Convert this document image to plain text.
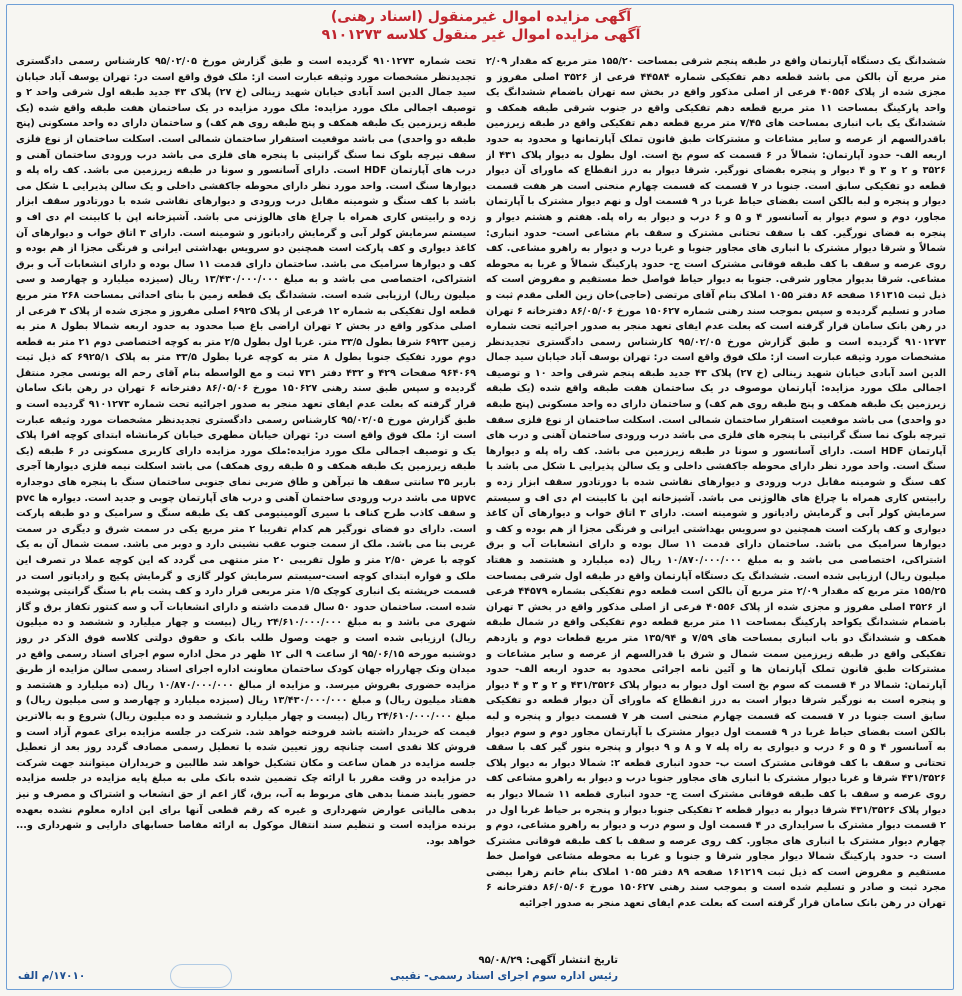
آگهی مزایده اموال غیرمنقول (اسناد رهنی)
آگهی مزایده اموال غیر منقول کلاسه ۹۱۰۱۲۷۳

ششدانگ یک دستگاه آپارتمان واقع در طبقه پنجم شرقی بمساحت ۱۵۵/۲۰ متر مربع که مقدار ۲/۰۹ متر مربع آن بالکن می باشد قطعه دهم تفکیکی شماره ۴۴۵۸۴ فرعی از ۳۵۲۶ اصلی مفروز و مجزی شده از پلاک ۴۰۵۵۶ فرعی از اصلی مذکور واقع در بخش سه تهران باضمام ششدانگ یک واحد پارکینگ بمساحت ۱۱ متر مربع قطعه دهم تفکیکی واقع در جنوب شرقی طبقه همکف و ششدانگ یک باب انباری بمساحت های ۷/۴۵ متر مربع قطعه دهم تفکیکی واقع در طبقه زیرزمین باقدرالسهم از عرصه و سایر مشاعات و مشترکات طبق قانون تملک آپارتمانها و محدود به حدود اربعه الف- حدود آپارتمان: شمالاً در ۶ قسمت که سوم بخ است. اول بطول به دیوار پلاک ۴۳۱ از ۳۵۲۶ و ۲ و ۳ و ۴ دیوار و پنجره بفضای نورگیر. شرقا دیوار به درز انقطاع که ماورای آن دیوار قطعه دو تفکیکی سابق است. جنوبا در ۷ قسمت که قسمت چهارم منحنی است هر هفت قسمت دیوار و پنجره و لبه بالکن است بفضای حیاط غربا در ۹ قسمت اول و نهم دیوار مشترک با آپارتمان مجاور، دوم و سوم دیوار به آسانسور ۴ و ۵ و ۶ درب و دیوار به راه پله. هفتم و هشتم دیوار و پنجره به فضای نورگیر. کف با سقف تحتانی مشترک و سقف بام مشاعی است- حدود انباری: شمالاً و شرقا دیوار مشترک با انباری های مجاور جنوبا و غربا درب و دیوار به راهرو مشاعی. کف روی عرصه و سقف با کف طبقه فوقانی مشترک است ج- حدود پارکینگ شمالاً و غربا به محوطه مشاعی. شرقا بدیوار مجاور شرقی. جنوبا به دیوار حیاط فواصل خط مستقیم و مفروض است که ذیل ثبت ۱۶۱۳۱۵ صفحه ۸۶ دفتر ۱۰۵۵ املاک بنام آقای مرتضی (حاجی)خان زین العلی مقدم ثبت و صادر و تسلیم گردیده و سپس بموجب سند رهنی شماره ۱۵۰۶۲۷ مورخ ۸۶/۰۵/۰۶ دفترخانه ۶ تهران در رهن بانک سامان قرار گرفته است که بعلت عدم ایفای تعهد منجر به صدور اجرائیه تحت شماره ۹۱۰۱۲۷۳ گردیده است و طبق گزارش مورخ ۹۵/۰۲/۰۵ کارشناس رسمی دادگستری تجدیدنظر مشخصات مورد وثیقه عبارت است از: ملک فوق واقع است در: تهران بوسف آباد خیابان سید جمال الدین اسد آبادی خیابان شهید زینالی (خ ۲۷) پلاک ۴۳ جدید طبقه پنجم شرقی واحد ۱۰ و توصیف اجمالی ملک مورد مزایده: آپارتمان موصوف در یک ساختمان هفت طبقه واقع شده (یک طبقه زیرزمین یک طبقه همکف و پنج طبقه روی هم کف) و ساختمان دارای ده واحد مسکونی (پنج طبقه دو واحدی) می باشد موقعیت استقرار ساختمان شمالی است. اسکلت ساختمان از نوع فلزی سقف تیرچه بلوک نما سنگ گرانیتی با پنجره های فلزی می باشد درب ورودی ساختمان آهنی و درب های آپارتمان HDF است. دارای آسانسور و سونا در طبقه زیرزمین می باشد. کف راه پله و دیوارها سنگ است. واحد مورد نظر دارای محوطه جاکفشی داخلی و یک سالن پذیرایی L شکل می باشد با کف سنگ و شومینه مقابل درب ورودی و دیوارهای نقاشی شده با دورتادور سقف ابزار زده و رابیتس کاری همراه با چراغ های هالوژنی می باشد. آشپزخانه اپن با کابینت ام دی اف و سیستم سرمایش کولر آبی و گرمایش رادیاتور و شومینه است. دارای ۳ اتاق خواب و دیوارهای آن کاغذ دیواری و کف پارکت است همچنین دو سرویس بهداشتی ایرانی و فرنگی مجزا از هم بوده و کف و دیوارها سرامیک می باشد. ساختمان دارای قدمت ۱۱ سال بوده و دارای انشعابات آب و برق اشتراکی، اختصاصی می باشد و به مبلغ ۱۰/۸۷۰/۰۰۰/۰۰۰ ریال (ده میلیارد و هشتصد و هفتاد میلیون ریال) ارزیابی شده است. ششدانگ یک دستگاه آپارتمان واقع در طبقه اول شرقی بمساحت ۱۵۵/۲۵ متر مربع که مقدار ۲/۰۹ متر مربع آن بالکن است قطعه دوم تفکیکی بشماره ۴۴۵۷۹ فرعی از ۳۵۲۶ اصلی مفروز و مجزی شده از پلاک ۴۰۵۵۶ فرعی از اصلی مذکور واقع در بخش ۳ تهران باضمام ششدانگ یکواحد پارکینگ بمساحت ۱۱ متر مربع قطعه دوم تفکیکی واقع در شمال طبقه همکف و ششدانگ دو باب انباری بمساحت های ۷/۵۹ و ۱۳۵/۹۴ متر مربع قطعات دوم و یازدهم تفکیکی واقع در طبقه زیرزمین سمت شمال و شرق با قدرالسهم از عرصه و سایر مشاعات و مشترکات طبق قانون تملک آپارتمان ها و آئین نامه اجرائی محدود به حدود اربعه الف- حدود آپارتمان: شمالا در ۴ قسمت که سوم بخ است اول دیوار به دیوار پلاک ۴۳۱/۳۵۲۶ و ۲ و ۳ و ۴ دیوار و پنجره است به نورگیر شرقا دیوار است به درز انقطاع که ماورای آن دیوار قطعه دو تفکیکی سابق است جنوبا در ۷ قسمت که قسمت چهارم منحنی است هر ۷ قسمت دیوار و پنجره و لبه بالکن است بفضای حیاط غربا در ۹ قسمت اول دیوار مشترک با آپارتمان مجاور دوم و سوم دیوار به آسانسور ۴ و ۵ و ۶ درب و دیوارى به راه پله ۷ و ۸ و ۹ دیوار و پنجره بنور گیر کف با سقف تحتانی و سقف با کف فوقانی مشترک است ب- حدود انباری قطعه ۲: شمالا دیوار به دیوار پلاک ۴۳۱/۳۵۲۶ شرقا و غربا دیوار مشترک با انباری های مجاور جنوبا درب و دیوار به راهرو مشاعی کف روی عرصه و سقف با کف طبقه فوقانی مشترک است ج- حدود انباری قطعه ۱۱ شمالا دیوار به دیوار پلاک ۴۳۱/۳۵۲۶ شرقا دیوار به دیوار قطعه ۲ تفکیکی جنوبا دیوار و پنجره بر حیاط غربا اول در ۲ قسمت دیوار مشترک با سرایداری در ۴ قسمت اول و سوم درب و دیوار به راهرو مشاعی، دوم و چهارم دیوار مشترک با انباری های مجاور. کف روی عرصه و سقف با کف طبقه فوقانی مشترک است د- حدود پارکینگ شمالا دیوار مجاور شرقا و جنوبا و غربا به محوطه مشاعی فواصل خط مستقیم و مفروض است که ذیل ثبت ۱۶۱۲۱۹ صفحه ۸۹ دفتر ۱۰۵۵ املاک بنام خانم زهرا بیضی مجرد ثبت و صادر و تسلیم شده است و بموجب سند رهنی ۱۵۰۶۲۷ مورخ ۸۶/۰۵/۰۶ دفترخانه ۶ تهران در رهن بانک سامان قرار گرفته است که بعلت عدم ایفای تعهد منجر به صدور اجرائیه

تحت شماره ۹۱۰۱۲۷۳ گردیده است و طبق گزارش مورخ ۹۵/۰۲/۰۵ کارشناس رسمی دادگستری تجدیدنظر مشخصات مورد وثیقه عبارت است از: ملک فوق واقع است در: تهران یوسف آباد خیابان سید جمال الدین اسد آبادی خیابان شهید زینالی (خ ۲۷) پلاک ۴۳ جدید طبقه اول شرقی واحد ۲ و توصیف اجمالی ملک مورد مزایده: ملک مورد مزایده در یک ساختمان هفت طبقه واقع شده (یک طبقه زیرزمین یک طبقه همکف و پنج طبقه روی هم کف) و ساختمان دارای ده واحد مسکونی (پنج طبقه دو واحدی) می باشد موقعیت استقرار ساختمان شمالی است. اسکلت ساختمان از نوع فلزی سقف تیرچه بلوک نما سنگ گرانیتی با پنجره های فلزی می باشد درب ورودی ساختمان آهنی و درب های آپارتمان HDF است. دارای آسانسور و سونا در طبقه زیرزمین می باشد. کف راه پله و دیوارها سنگ است. واحد مورد نظر دارای محوطه جاکفشی داخلی و یک سالن پذیرایی L شکل می باشد با کف سنگ و شومینه مقابل درب ورودی و دیوارهای نقاشی شده با دورتادور سقف ابزار زده و رابیتس کاری همراه با چراغ های هالوژنی می باشد. آشپزخانه اپن با کابینت ام دی اف و سیستم سرمایش کولر آبی و گرمایش رادیاتور و شومینه است. دارای ۳ اتاق خواب و دیوارهای آن کاغذ دیواری و کف پارکت است همچنین دو سرویس بهداشتی ایرانی و فرنگی مجزا از هم بوده و کف و دیوارها سرامیک می باشد. ساختمان دارای قدمت ۱۱ سال بوده و دارای انشعابات آب و برق اشتراکی، اختصاصی می باشد و به مبلغ ۱۳/۴۳۰/۰۰۰/۰۰۰ ریال (سیزده میلیارد و چهارصد و سی میلیون ریال) ارزیابی شده است. ششدانگ یک قطعه زمین با بنای احداثی بمساحت ۲۶۸ متر مربع قطعه اول تفکیکی به شماره ۱۲ فرعی از پلاک ۶۹۲۵ اصلی مفروز و مجزی شده از پلاک ۳ فرعی از اصلی مذکور واقع در بخش ۲ تهران اراضی باغ صبا محدود به حدود اربعه شمالا بطول ۸ متر به زمین ۶۹۲۳ شرقا بطول ۳۳/۵ متر. غربا اول بطول ۲/۵ متر به کوچه اختصاصی دوم ۲۱ متر به قطعه دوم مورد تفکیک جنوبا بطول ۸ متر به کوچه غربا بطول ۳۳/۵ متر به پلاک ۶۹۲۵/۱ که ذیل ثبت ۹۶۴۰۶۹ صفحات ۴۲۹ و ۴۳۲ دفتر ۷۳۱ ثبت و مع الواسطه بنام آقای رحم اله یونسی مجرد منتقل گردیده و سپس طبق سند رهنی ۱۵۰۶۲۷ مورخ ۸۶/۰۵/۰۶ دفترخانه ۶ تهران در رهن بانک سامان قرار گرفته که بعلت عدم ایفای تعهد منجر به صدور اجرائیه تحت شماره ۹۱۰۱۲۷۳ گردیده است و طبق گزارش مورخ ۹۵/۰۲/۰۵ کارشناس رسمی دادگستری تجدیدنظر مشخصات مورد وثیقه عبارت است از: ملک فوق واقع است در: تهران خیابان مطهری خیابان کرمانشاه ابتدای کوچه افرا پلاک یک و توصیف اجمالی ملک مورد مزایده:ملک مورد مزایده دارای کاربری مسکونی در ۶ طبقه (یک طبقه زیرزمین یک طبقه همکف و ۵ طبقه روی همکف) می باشد اسکلت نیمه فلزی دیوارها آجری باربر ۳۵ سانتی سقف ها تیرآهن و طاق ضربی نمای جنوبی ساختمان سنگ با پنجره های دوجداره upvc می باشد درب ورودی ساختمان آهنی و درب های آپارتمان چوبی و جدید است. دیواره ها pvc و سقف کاذب طرح کناف با سیری آلومینیومی کف یک طبقه سنگ و سرامیک و دو طبقه پارکت است. دارای دو فضای نورگیر هم کدام تقریبا ۲ متر مربع یکی در سمت شرق و دیگری در سمت غربی بنا می باشد. ملک از سمت جنوب عقب نشینی دارد و دوبر می باشد. سمت شمال آن به یک کوچه با عرض ۲/۵۰ متر و طول تقریبی ۲۰ متر منتهی می گردد که این کوچه عملا در تصرف این ملک و فواره ابتدای کوچه است-سیستم سرمایش کولر گازی و گرمایش پکیج و رادیاتور است در قسمت خرپشته یک انباری کوچک ۱/۵ متر مربعی قرار دارد و کف پشت بام با سنگ گرانیتی پوشیده شده است. ساختمان حدود ۵۰ سال قدمت داشته و دارای انشعابات آب و سه کنتور تکفاز برق و گاز شهری می باشد و به مبلغ ۲۴/۶۱۰/۰۰۰/۰۰۰ ریال (بیست و چهار میلیارد و ششصد و ده میلیون ریال) ارزیابی شده است و جهت وصول طلب بانک و حقوق دولتی کلاسه فوق الذکر در روز دوشنبه مورخه ۹۵/۰۶/۱۵ از ساعت ۹ الی ۱۲ ظهر در محل اداره سوم اجرای اسناد رسمی واقع در میدان ونک چهارراه جهان کودک ساختمان معاونت اداره اجرای اسناد رسمی سالن مزایده از طریق مزایده حضوری بفروش میرسد. و مزایده از مبالغ ۱۰/۸۷۰/۰۰۰/۰۰۰ ریال (ده میلیارد و هشتصد و هفتاد میلیون ریال) و مبلغ ۱۳/۴۳۰/۰۰۰/۰۰۰ ریال (سیزده میلیارد و چهارصد و سی میلیون ریال) و مبلغ ۲۴/۶۱۰/۰۰۰/۰۰۰ ریال (بیست و چهار میلیارد و ششصد و ده میلیون ریال) شروع و به بالاترین قیمت که خریدار داشته باشد فروخته خواهد شد. شرکت در جلسه مزایده برای عموم آزاد است و فروش کلا نقدی است چنانچه روز تعیین شده با تعطیل رسمی مصادف گردد روز بعد از تعطیل جلسه مزایده در همان ساعت و مکان تشکیل خواهد شد طالبین و خریداران میتوانند جهت شرکت در مزایده در وقت مقرر با ارائه چک تضمین شده بانک ملی به مبلغ پایه مزایده در جلسه مزایده حضور یابند ضمنا بدهی های مربوط به آب، برق، گاز اعم از حق انشعاب و اشتراک و مصرف و نیز بدهی مالیاتی عوارض شهرداری و غیره که رقم قطعی آنها برای این اداره معلوم نشده بعهده برنده مزایده است و تنظیم سند انتقال موکول به ارائه مفاصا حسابهای دارایی و شهرداری و... خواهد بود.

تاریخ انتشار آگهی: ۹۵/۰۸/۲۹
رئیس اداره سوم اجرای اسناد رسمی- نقیبی
۱۷۰۱۰/م الف
